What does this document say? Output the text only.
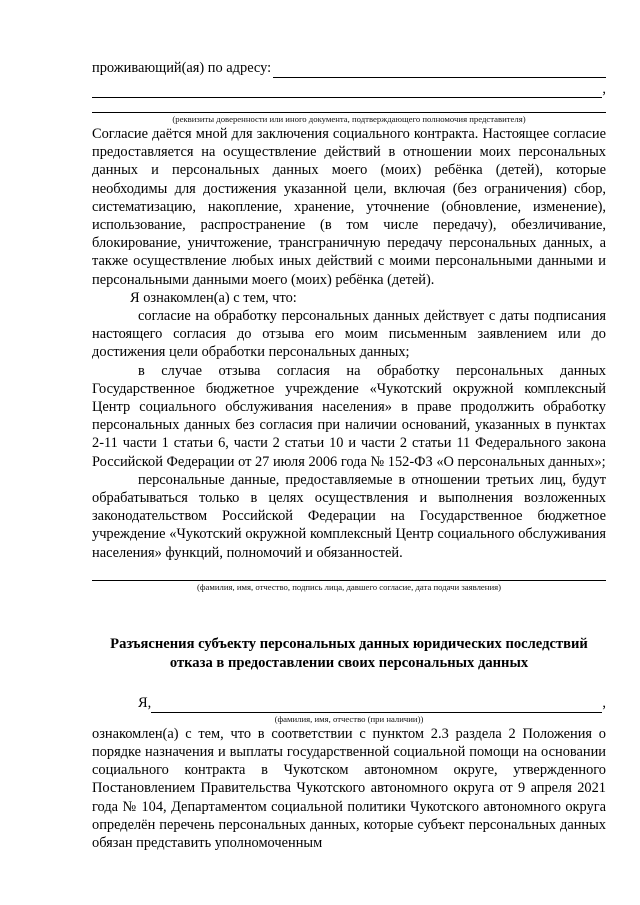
проживающий(ая) по адресу:
,
(реквизиты доверенности или иного документа, подтверждающего полномочия представителя)

Согласие даётся мной для заключения социального контракта. Настоящее согласие предоставляется на осуществление действий в отношении моих персональных данных и персональных данных моего (моих) ребёнка (детей), которые необходимы для достижения указанной цели, включая (без ограничения) сбор, систематизацию, накопление, хранение, уточнение (обновление, изменение), использование, распространение (в том числе передачу), обезличивание, блокирование, уничтожение, трансграничную передачу персональных данных, а также осуществление любых иных действий с моими персональными данными и персональными данными моего (моих) ребёнка (детей).

Я ознакомлен(а) с тем, что:

согласие на обработку персональных данных действует с даты подписания настоящего согласия до отзыва его моим письменным заявлением или до достижения цели обработки персональных данных;

в случае отзыва согласия на обработку персональных данных Государственное бюджетное учреждение «Чукотский окружной комплексный Центр социального обслуживания населения» в праве продолжить обработку персональных данных без согласия при наличии оснований, указанных в пунктах 2-11 части 1 статьи 6, части 2 статьи 10 и части 2 статьи 11 Федерального закона Российской Федерации от 27 июля 2006 года № 152-ФЗ «О персональных данных»;

персональные данные, предоставляемые в отношении третьих лиц, будут обрабатываться только в целях осуществления и выполнения возложенных законодательством Российской Федерации на Государственное бюджетное учреждение «Чукотский окружной комплексный Центр социального обслуживания населения» функций, полномочий и обязанностей.

(фамилия, имя, отчество, подпись лица, давшего согласие, дата подачи заявления)
Разъяснения субъекту персональных данных юридических последствий
отказа в предоставлении своих персональных данных
Я,	,
(фамилия, имя, отчество (при наличии))

ознакомлен(а) с тем, что в соответствии с пунктом 2.3 раздела 2 Положения о порядке назначения и выплаты государственной социальной помощи на основании социального контракта в Чукотском автономном округе, утвержденного Постановлением Правительства Чукотского автономного округа от 9 апреля 2021 года № 104, Департаментом социальной политики Чукотского автономного округа определён перечень персональных данных, которые субъект персональных данных обязан представить уполномоченным
